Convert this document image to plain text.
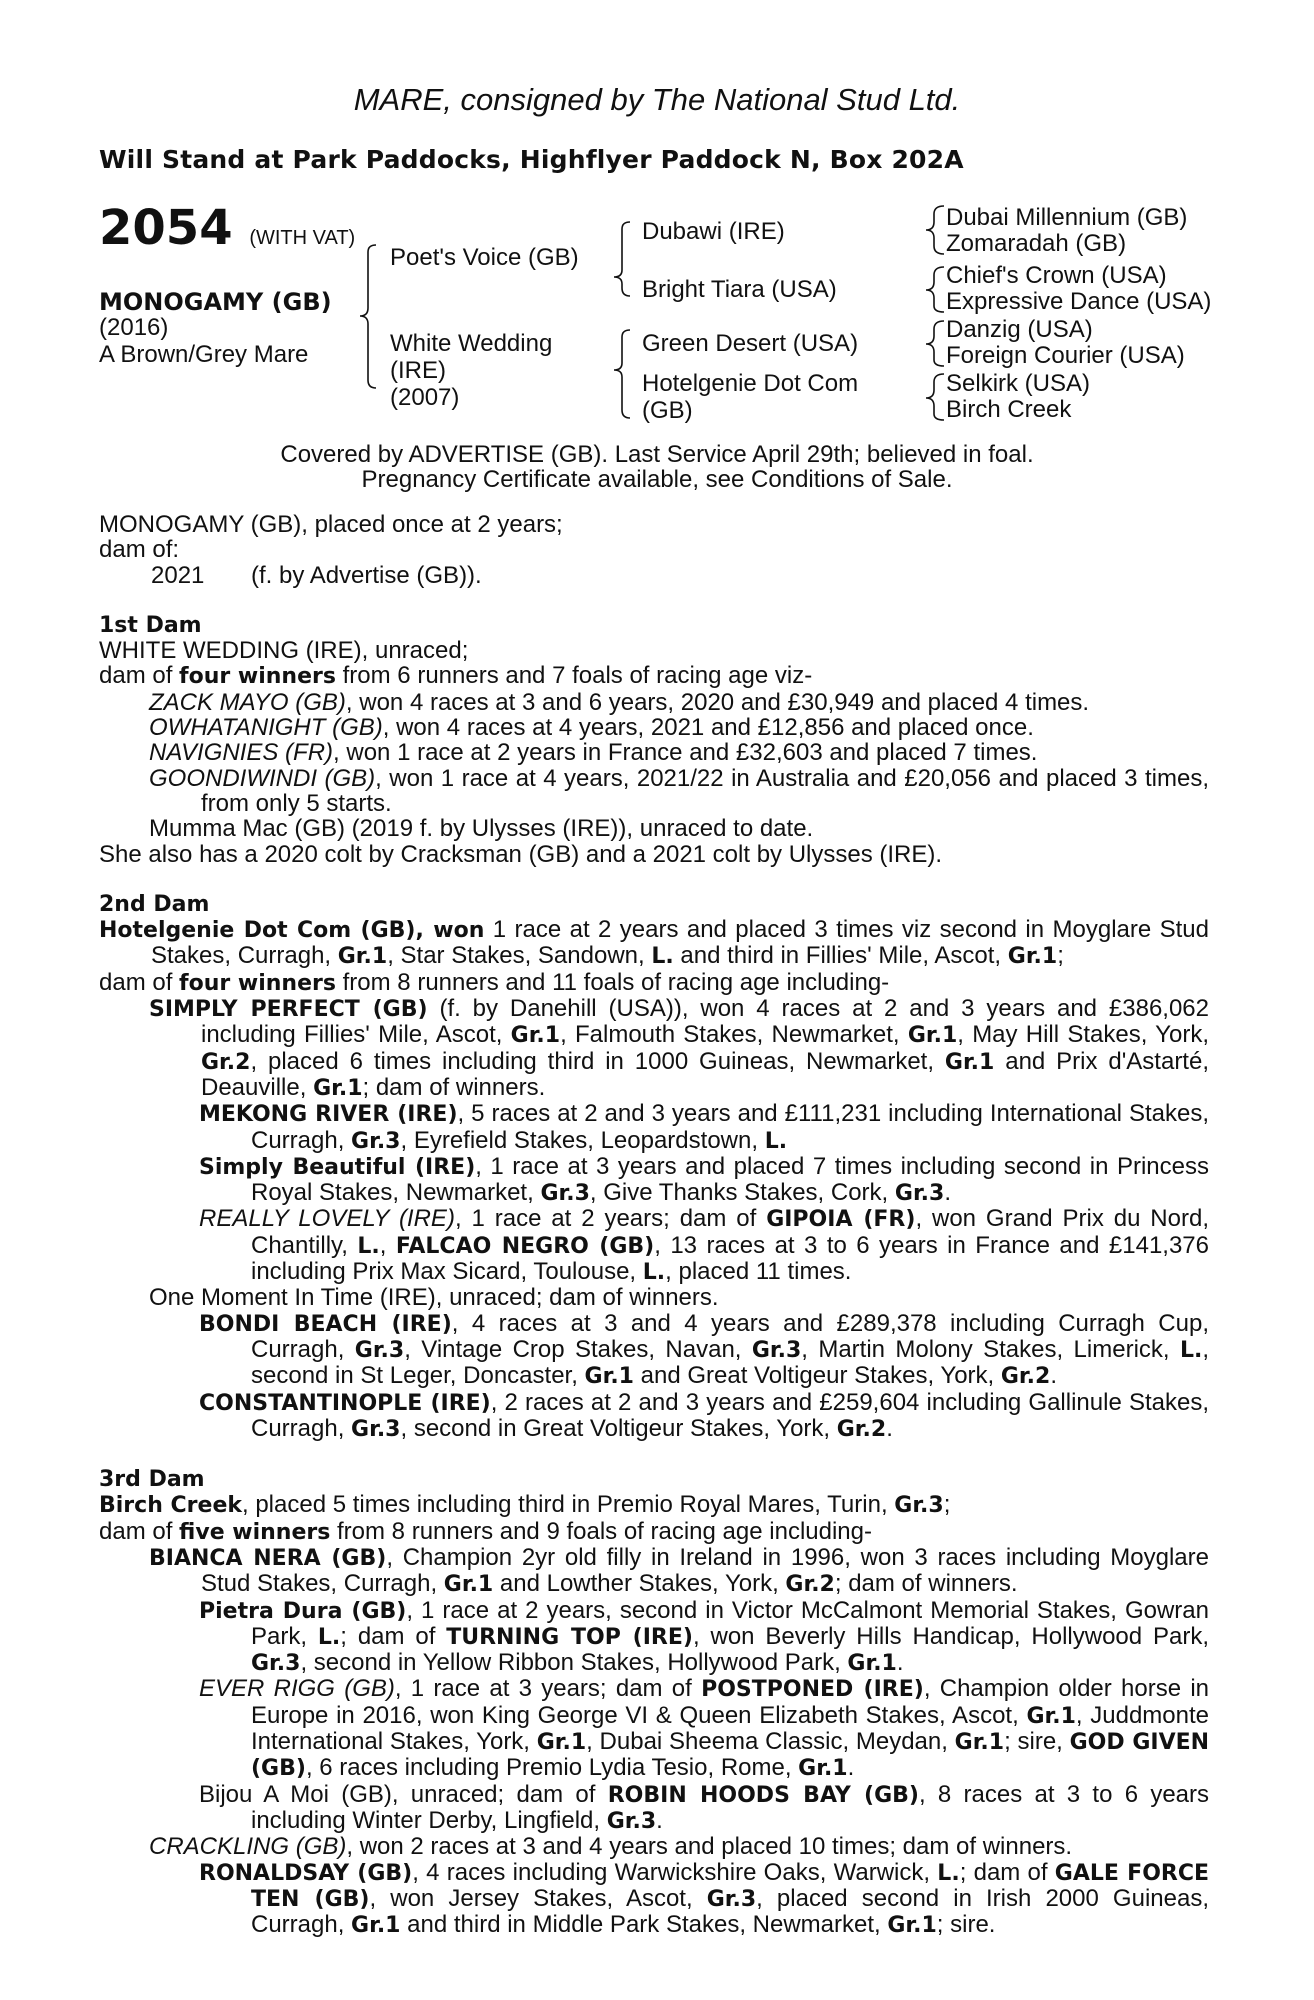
MARE, consigned by The National Stud Ltd.
Will Stand at Park Paddocks, Highflyer Paddock N, Box 202A
2054 (WITH VAT)
MONOGAMY (GB)
(2016)
A Brown/Grey Mare
Poet's Voice (GB)
White Wedding
(IRE)
(2007)
Dubawi (IRE)
Bright Tiara (USA)
Green Desert (USA)
Hotelgenie Dot Com
(GB)
Dubai Millennium (GB)
Zomaradah (GB)
Chief's Crown (USA)
Expressive Dance (USA)
Danzig (USA)
Foreign Courier (USA)
Selkirk (USA)
Birch Creek
Covered by ADVERTISE (GB). Last Service April 29th; believed in foal.
Pregnancy Certificate available, see Conditions of Sale.

MONOGAMY (GB), placed once at 2 years;

dam of:

2021 (f. by Advertise (GB)).

1st Dam

WHITE WEDDING (IRE), unraced;

dam of four winners from 6 runners and 7 foals of racing age viz-

ZACK MAYO (GB), won 4 races at 3 and 6 years, 2020 and £30,949 and placed 4 times.

OWHATANIGHT (GB), won 4 races at 4 years, 2021 and £12,856 and placed once.

NAVIGNIES (FR), won 1 race at 2 years in France and £32,603 and placed 7 times.

GOONDIWINDI (GB), won 1 race at 4 years, 2021/22 in Australia and £20,056 and placed 3 times, from only 5 starts.

Mumma Mac (GB) (2019 f. by Ulysses (IRE)), unraced to date.

She also has a 2020 colt by Cracksman (GB) and a 2021 colt by Ulysses (IRE).

2nd Dam

Hotelgenie Dot Com (GB), won 1 race at 2 years and placed 3 times viz second in Moyglare Stud Stakes, Curragh, Gr.1, Star Stakes, Sandown, L. and third in Fillies' Mile, Ascot, Gr.1;

dam of four winners from 8 runners and 11 foals of racing age including-

SIMPLY PERFECT (GB) (f. by Danehill (USA)), won 4 races at 2 and 3 years and £386,062 including Fillies' Mile, Ascot, Gr.1, Falmouth Stakes, Newmarket, Gr.1, May Hill Stakes, York, Gr.2, placed 6 times including third in 1000 Guineas, Newmarket, Gr.1 and Prix d'Astarté, Deauville, Gr.1; dam of winners.

MEKONG RIVER (IRE), 5 races at 2 and 3 years and £111,231 including International Stakes, Curragh, Gr.3, Eyrefield Stakes, Leopardstown, L.

Simply Beautiful (IRE), 1 race at 3 years and placed 7 times including second in Princess Royal Stakes, Newmarket, Gr.3, Give Thanks Stakes, Cork, Gr.3.

REALLY LOVELY (IRE), 1 race at 2 years; dam of GIPOIA (FR), won Grand Prix du Nord, Chantilly, L., FALCAO NEGRO (GB), 13 races at 3 to 6 years in France and £141,376 including Prix Max Sicard, Toulouse, L., placed 11 times.

One Moment In Time (IRE), unraced; dam of winners.

BONDI BEACH (IRE), 4 races at 3 and 4 years and £289,378 including Curragh Cup, Curragh, Gr.3, Vintage Crop Stakes, Navan, Gr.3, Martin Molony Stakes, Limerick, L., second in St Leger, Doncaster, Gr.1 and Great Voltigeur Stakes, York, Gr.2.

CONSTANTINOPLE (IRE), 2 races at 2 and 3 years and £259,604 including Gallinule Stakes, Curragh, Gr.3, second in Great Voltigeur Stakes, York, Gr.2.

3rd Dam

Birch Creek, placed 5 times including third in Premio Royal Mares, Turin, Gr.3;

dam of five winners from 8 runners and 9 foals of racing age including-

BIANCA NERA (GB), Champion 2yr old filly in Ireland in 1996, won 3 races including Moyglare Stud Stakes, Curragh, Gr.1 and Lowther Stakes, York, Gr.2; dam of winners.

Pietra Dura (GB), 1 race at 2 years, second in Victor McCalmont Memorial Stakes, Gowran Park, L.; dam of TURNING TOP (IRE), won Beverly Hills Handicap, Hollywood Park, Gr.3, second in Yellow Ribbon Stakes, Hollywood Park, Gr.1.

EVER RIGG (GB), 1 race at 3 years; dam of POSTPONED (IRE), Champion older horse in Europe in 2016, won King George VI & Queen Elizabeth Stakes, Ascot, Gr.1, Juddmonte International Stakes, York, Gr.1, Dubai Sheema Classic, Meydan, Gr.1; sire, GOD GIVEN (GB), 6 races including Premio Lydia Tesio, Rome, Gr.1.

Bijou A Moi (GB), unraced; dam of ROBIN HOODS BAY (GB), 8 races at 3 to 6 years including Winter Derby, Lingfield, Gr.3.

CRACKLING (GB), won 2 races at 3 and 4 years and placed 10 times; dam of winners.

RONALDSAY (GB), 4 races including Warwickshire Oaks, Warwick, L.; dam of GALE FORCE TEN (GB), won Jersey Stakes, Ascot, Gr.3, placed second in Irish 2000 Guineas, Curragh, Gr.1 and third in Middle Park Stakes, Newmarket, Gr.1; sire.
